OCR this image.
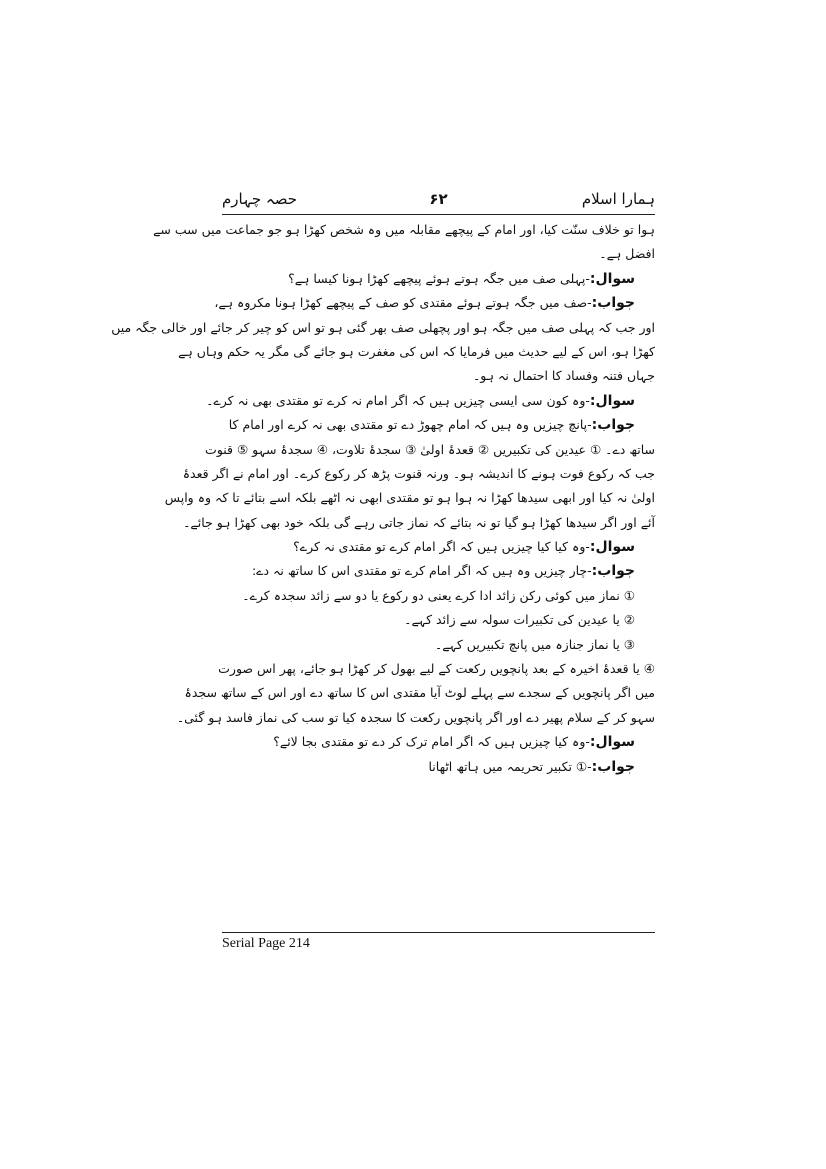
ہمارا اسلام
۶۲
حصہ چہارم
ہوا تو خلاف سنّت کیا، اور امام کے پیچھے مقابلہ میں وہ شخص کھڑا ہو جو جماعت میں سب سے
افضل ہے۔
سوال:-پہلی صف میں جگہ ہوتے ہوئے پیچھے کھڑا ہونا کیسا ہے؟
جواب:-صف میں جگہ ہوتے ہوئے مقتدی کو صف کے پیچھے کھڑا ہونا مکروہ ہے،
اور جب کہ پہلی صف میں جگہ ہو اور پچھلی صف بھر گئی ہو تو اس کو چیر کر جائے اور خالی جگہ میں
کھڑا ہو، اس کے لیے حدیث میں فرمایا کہ اس کی مغفرت ہو جائے گی مگر یہ حکم وہاں ہے
جہاں فتنہ وفساد کا احتمال نہ ہو۔
سوال:-وہ کون سی ایسی چیزیں ہیں کہ اگر امام نہ کرے تو مقتدی بھی نہ کرے۔
جواب:-پانچ چیزیں وہ ہیں کہ امام چھوڑ دے تو مقتدی بھی نہ کرے اور امام کا
ساتھ دے۔ ① عیدین کی تکبیریں ② قعدۂ اولیٰ ③ سجدۂ تلاوت، ④ سجدۂ سہو ⑤ قنوت
جب کہ رکوع فوت ہونے کا اندیشہ ہو۔ ورنہ قنوت پڑھ کر رکوع کرے۔ اور امام نے اگر قعدۂ
اولیٰ نہ کیا اور ابھی سیدھا کھڑا نہ ہوا ہو تو مقتدی ابھی نہ اٹھے بلکہ اسے بتائے تا کہ وہ واپس
آئے اور اگر سیدھا کھڑا ہو گیا تو نہ بتائے کہ نماز جاتی رہے گی بلکہ خود بھی کھڑا ہو جائے۔
سوال:-وہ کیا کیا چیزیں ہیں کہ اگر امام کرے تو مقتدی نہ کرے؟
جواب:-چار چیزیں وہ ہیں کہ اگر امام کرے تو مقتدی اس کا ساتھ نہ دے:
① نماز میں کوئی رکن زائد ادا کرے یعنی دو رکوع یا دو سے زائد سجدہ کرے۔
② یا عیدین کی تکبیرات سولہ سے زائد کہے۔
③ یا نماز جنازہ میں پانچ تکبیریں کہے۔
④ یا قعدۂ اخیرہ کے بعد پانچویں رکعت کے لیے بھول کر کھڑا ہو جائے، پھر اس صورت
میں اگر پانچویں کے سجدے سے پہلے لوٹ آیا مقتدی اس کا ساتھ دے اور اس کے ساتھ سجدۂ
سہو کر کے سلام پھیر دے اور اگر پانچویں رکعت کا سجدہ کیا تو سب کی نماز فاسد ہو گئی۔
سوال:-وہ کیا چیزیں ہیں کہ اگر امام ترک کر دے تو مقتدی بجا لائے؟
جواب:-① تکبیر تحریمہ میں ہاتھ اٹھانا
Serial Page 214
